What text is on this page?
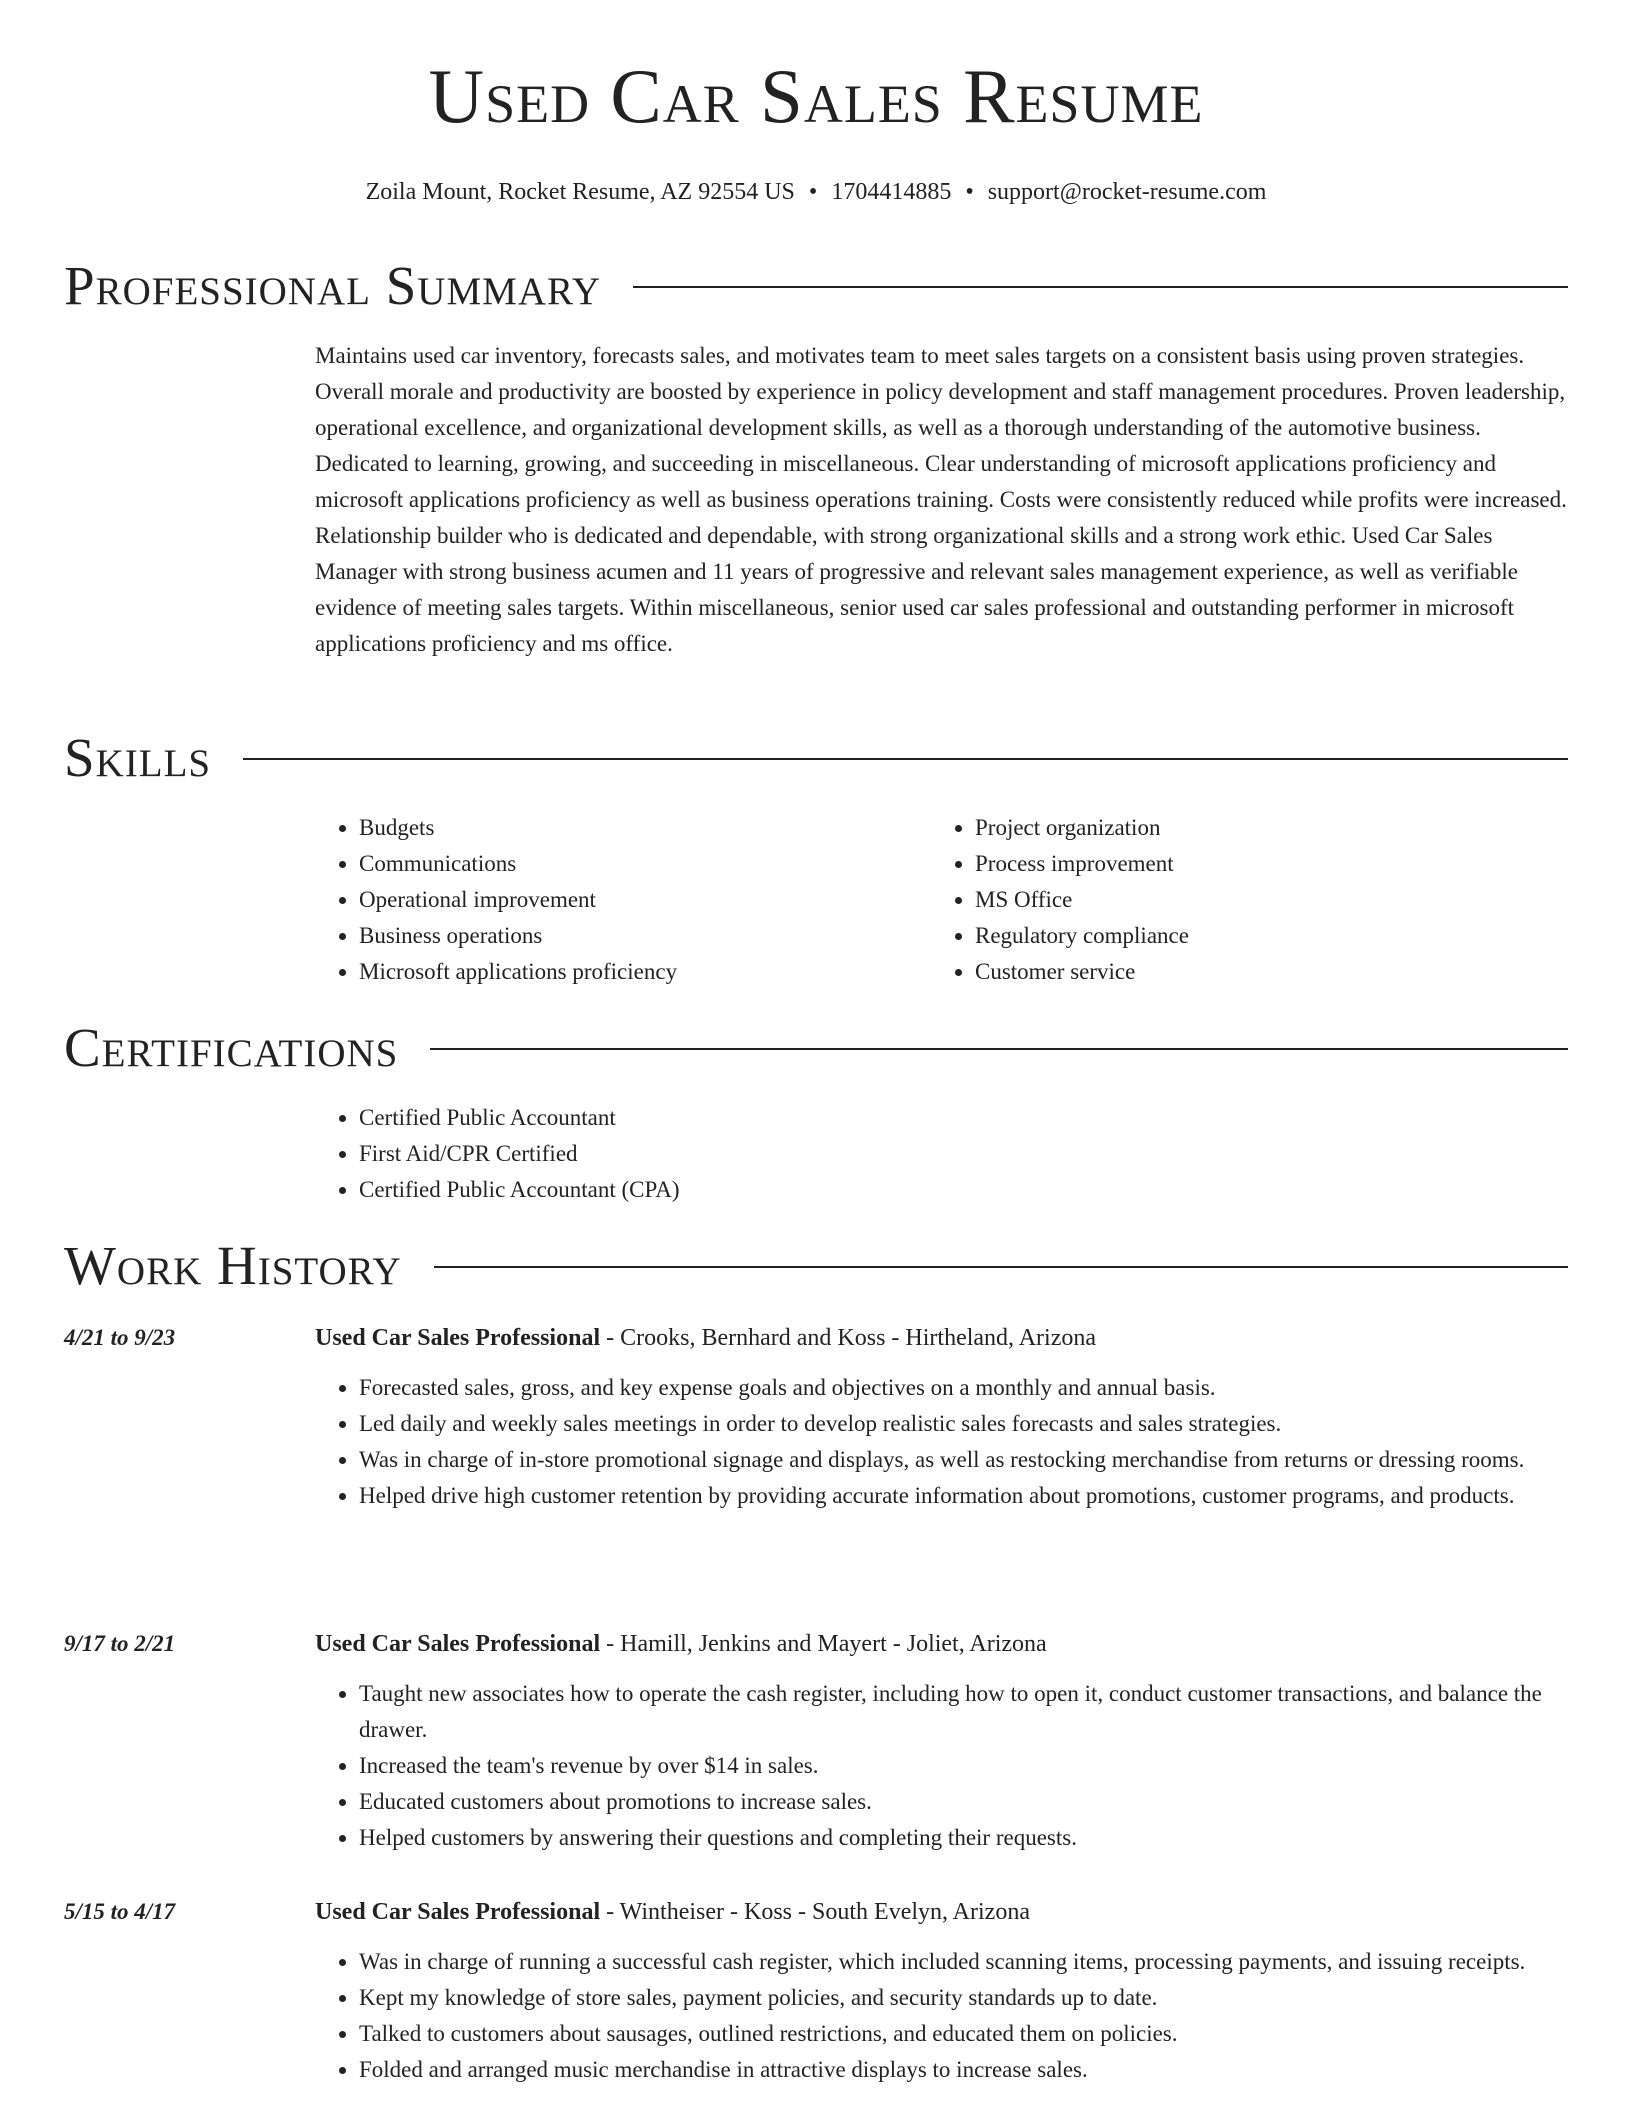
Used Car Sales Resume
Zoila Mount, Rocket Resume, AZ 92554 US • 1704414885 • support@rocket-resume.com
Professional Summary

Maintains used car inventory, forecasts sales, and motivates team to meet sales targets on a consistent basis using proven strategies. Overall morale and productivity are boosted by experience in policy development and staff management procedures. Proven leadership, operational excellence, and organizational development skills, as well as a thorough understanding of the automotive business. Dedicated to learning, growing, and succeeding in miscellaneous. Clear understanding of microsoft applications proficiency and microsoft applications proficiency as well as business operations training. Costs were consistently reduced while profits were increased. Relationship builder who is dedicated and dependable, with strong organizational skills and a strong work ethic. Used Car Sales Manager with strong business acumen and 11 years of progressive and relevant sales management experience, as well as verifiable evidence of meeting sales targets. Within miscellaneous, senior used car sales professional and outstanding performer in microsoft applications proficiency and ms office.

Skills
• Budgets
• Communications
• Operational improvement
• Business operations
• Microsoft applications proficiency
• Project organization
• Process improvement
• MS Office
• Regulatory compliance
• Customer service
Certifications
• Certified Public Accountant
• First Aid/CPR Certified
• Certified Public Accountant (CPA)
Work History
4/21 to 9/23	Used Car Sales Professional - Crooks, Bernhard and Koss - Hirtheland, Arizona
• Forecasted sales, gross, and key expense goals and objectives on a monthly and annual basis.
• Led daily and weekly sales meetings in order to develop realistic sales forecasts and sales strategies.
• Was in charge of in-store promotional signage and displays, as well as restocking merchandise from returns or dressing rooms.
• Helped drive high customer retention by providing accurate information about promotions, customer programs, and products.
9/17 to 2/21	Used Car Sales Professional - Hamill, Jenkins and Mayert - Joliet, Arizona
• Taught new associates how to operate the cash register, including how to open it, conduct customer transactions, and balance the drawer.
• Increased the team's revenue by over $14 in sales.
• Educated customers about promotions to increase sales.
• Helped customers by answering their questions and completing their requests.
5/15 to 4/17	Used Car Sales Professional - Wintheiser - Koss - South Evelyn, Arizona
• Was in charge of running a successful cash register, which included scanning items, processing payments, and issuing receipts.
• Kept my knowledge of store sales, payment policies, and security standards up to date.
• Talked to customers about sausages, outlined restrictions, and educated them on policies.
• Folded and arranged music merchandise in attractive displays to increase sales.
